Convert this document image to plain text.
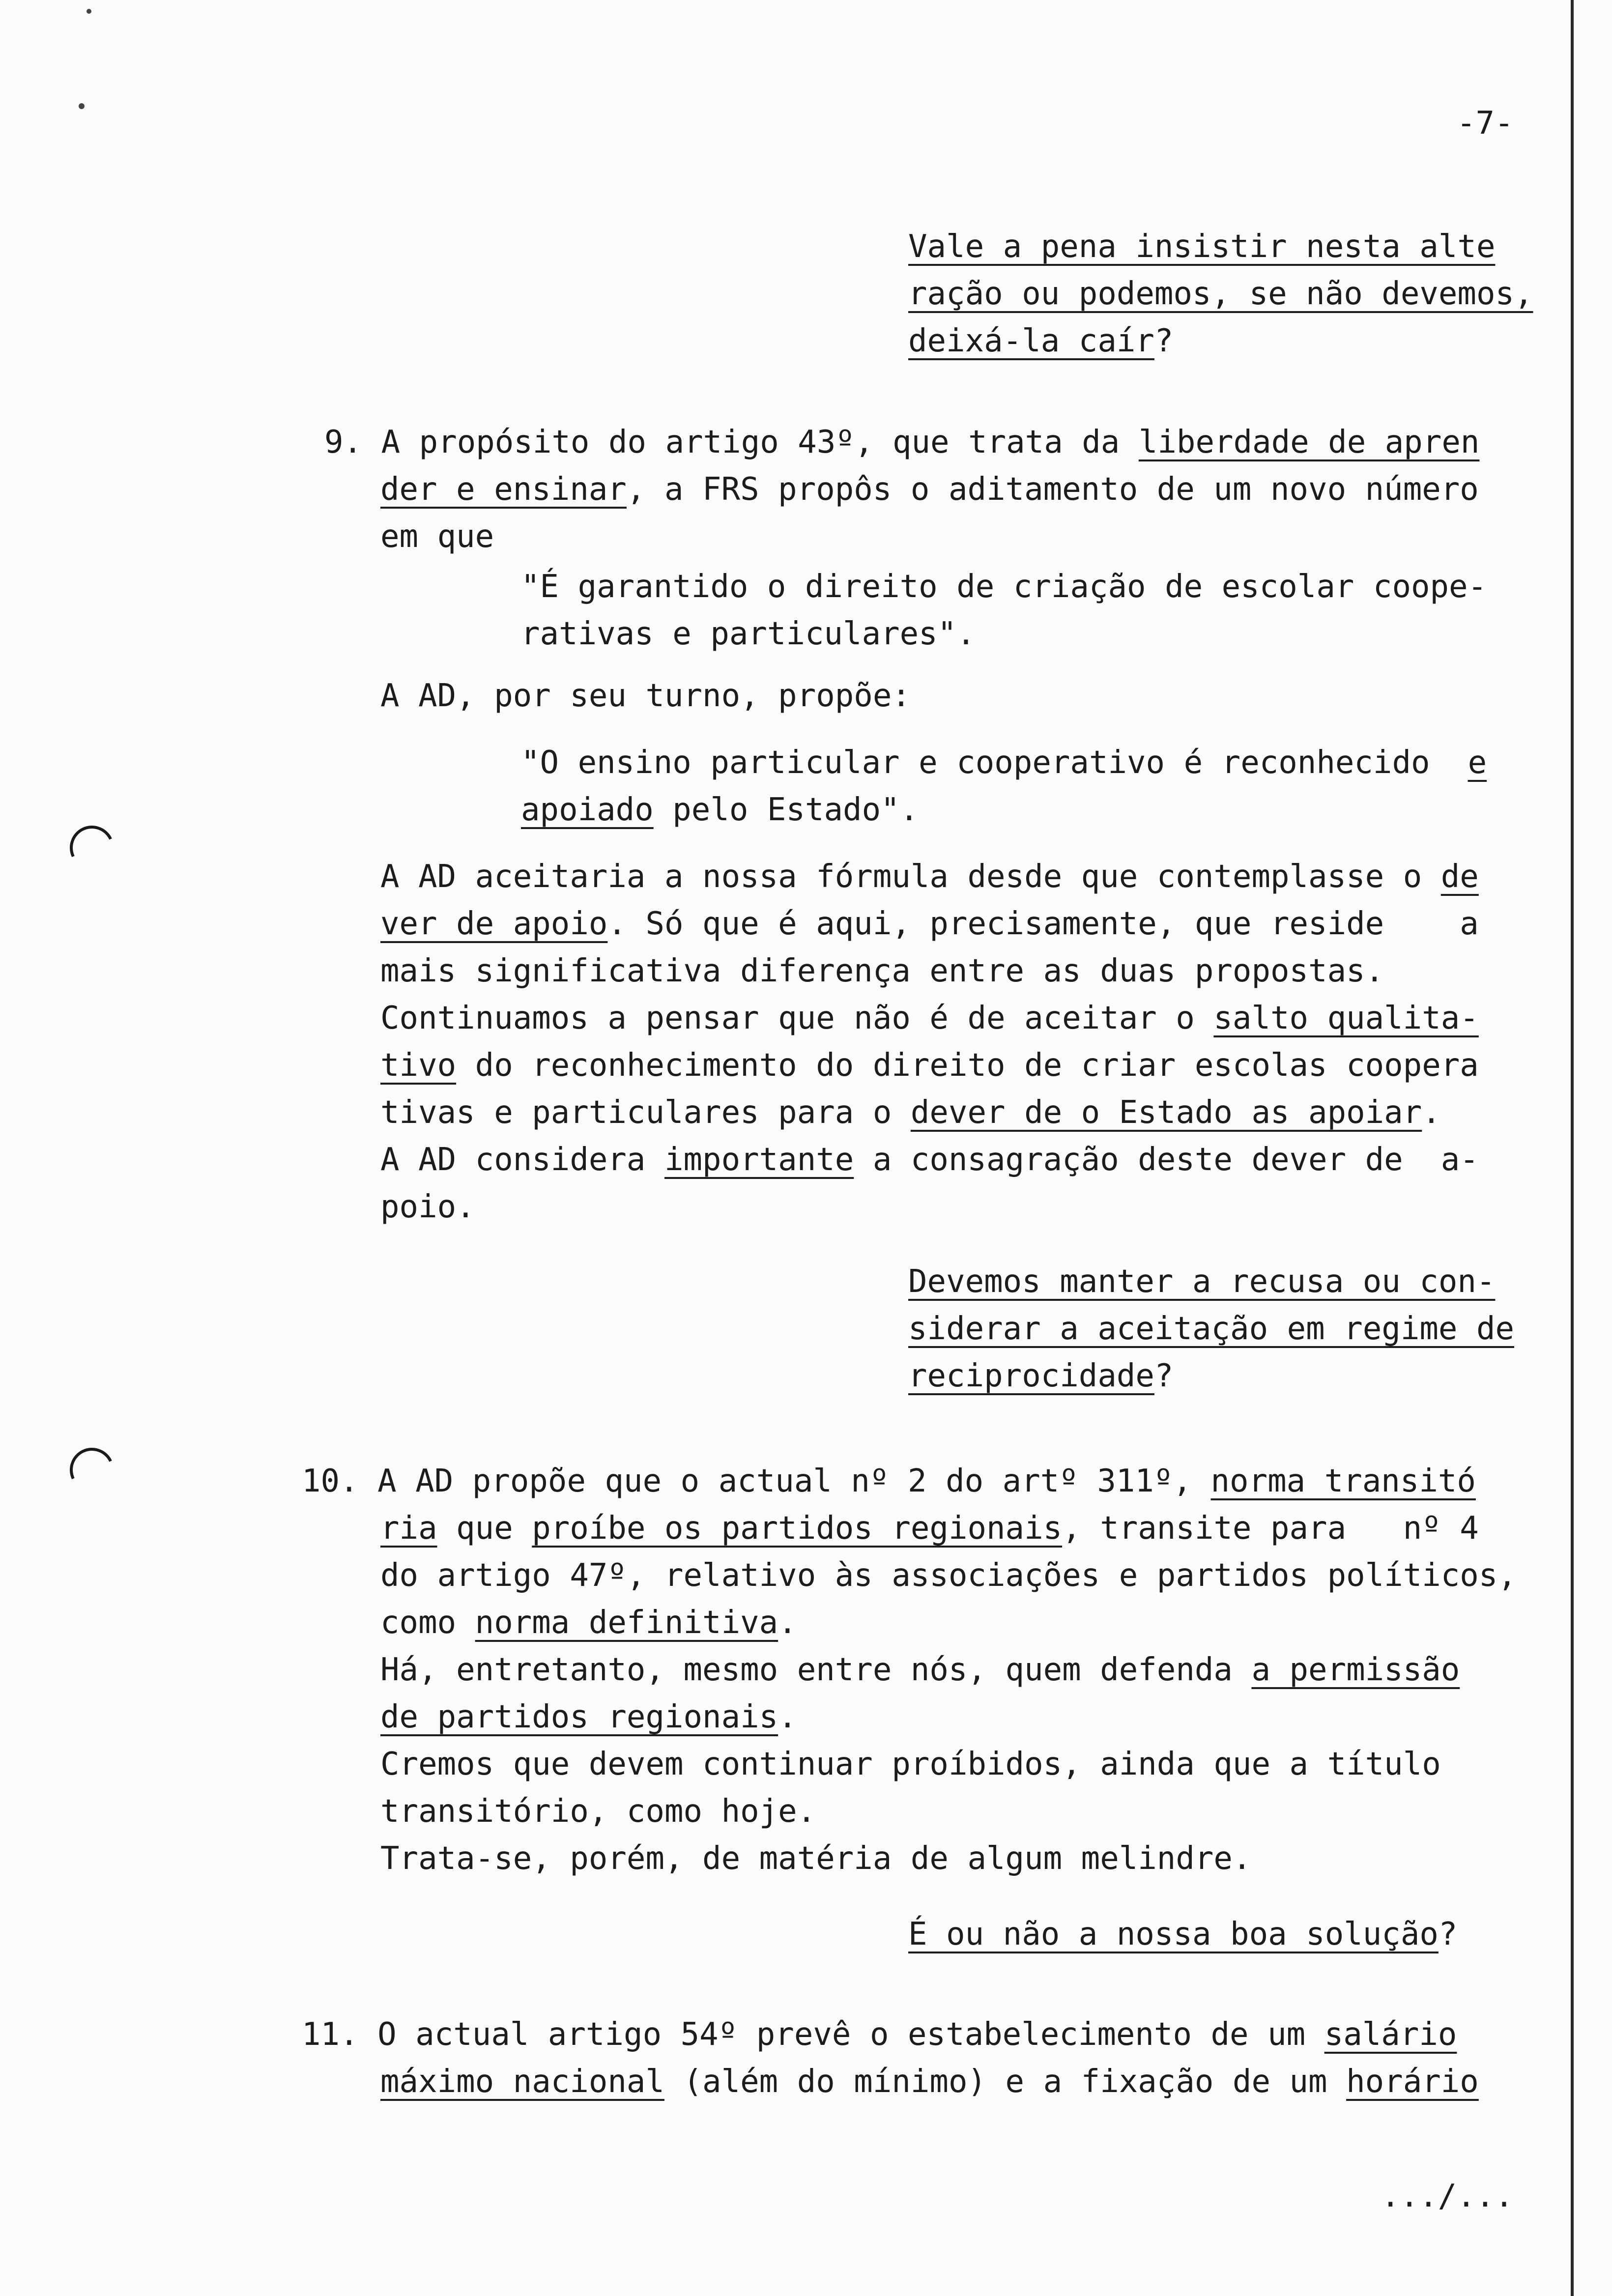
-7-
Vale a pena insistir nesta alte
ração ou podemos, se não devemos,
deixá-la caír?
9. A propósito do artigo 43º, que trata da liberdade de apren
der e ensinar, a FRS propôs o aditamento de um novo número
em que
"É garantido o direito de criação de escolar coope-
rativas e particulares".
A AD, por seu turno, propõe:
"O ensino particular e cooperativo é reconhecido  e
apoiado pelo Estado".
A AD aceitaria a nossa fórmula desde que contemplasse o de
ver de apoio. Só que é aqui, precisamente, que reside    a
mais significativa diferença entre as duas propostas.
Continuamos a pensar que não é de aceitar o salto qualita-
tivo do reconhecimento do direito de criar escolas coopera
tivas e particulares para o dever de o Estado as apoiar.
A AD considera importante a consagração deste dever de  a-
poio.
Devemos manter a recusa ou con-
siderar a aceitação em regime de
reciprocidade?
10. A AD propõe que o actual nº 2 do artº 311º, norma transitó
ria que proíbe os partidos regionais, transite para   nº 4
do artigo 47º, relativo às associações e partidos políticos,
como norma definitiva.
Há, entretanto, mesmo entre nós, quem defenda a permissão
de partidos regionais.
Cremos que devem continuar proíbidos, ainda que a título
transitório, como hoje.
Trata-se, porém, de matéria de algum melindre.
É ou não a nossa boa solução?
11. O actual artigo 54º prevê o estabelecimento de um salário
máximo nacional (além do mínimo) e a fixação de um horário
.../...
